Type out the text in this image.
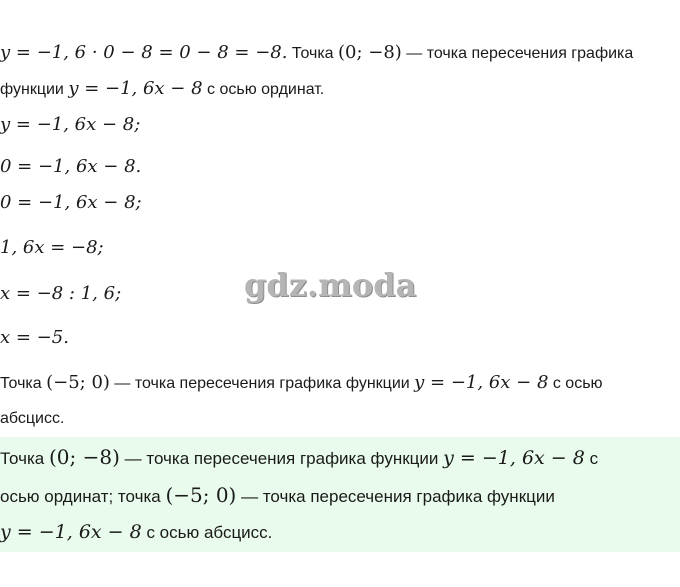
y = −1, 6 · 0 − 8 = 0 − 8 = −8. Точка (0; −8) — точка пересечения графика
функции y = −1, 6x − 8 с осью ординат.
y = −1, 6x − 8;
0 = −1, 6x − 8.
0 = −1, 6x − 8;
1, 6x = −8;
x = −8 : 1, 6;
x = −5.
gdz.moda
Точка (−5; 0) — точка пересечения графика функции y = −1, 6x − 8 с осью
абсцисс.
Точка (0; −8) — точка пересечения графика функции y = −1, 6x − 8 с
осью ординат; точка (−5; 0) — точка пересечения графика функции
y = −1, 6x − 8 с осью абсцисс.
